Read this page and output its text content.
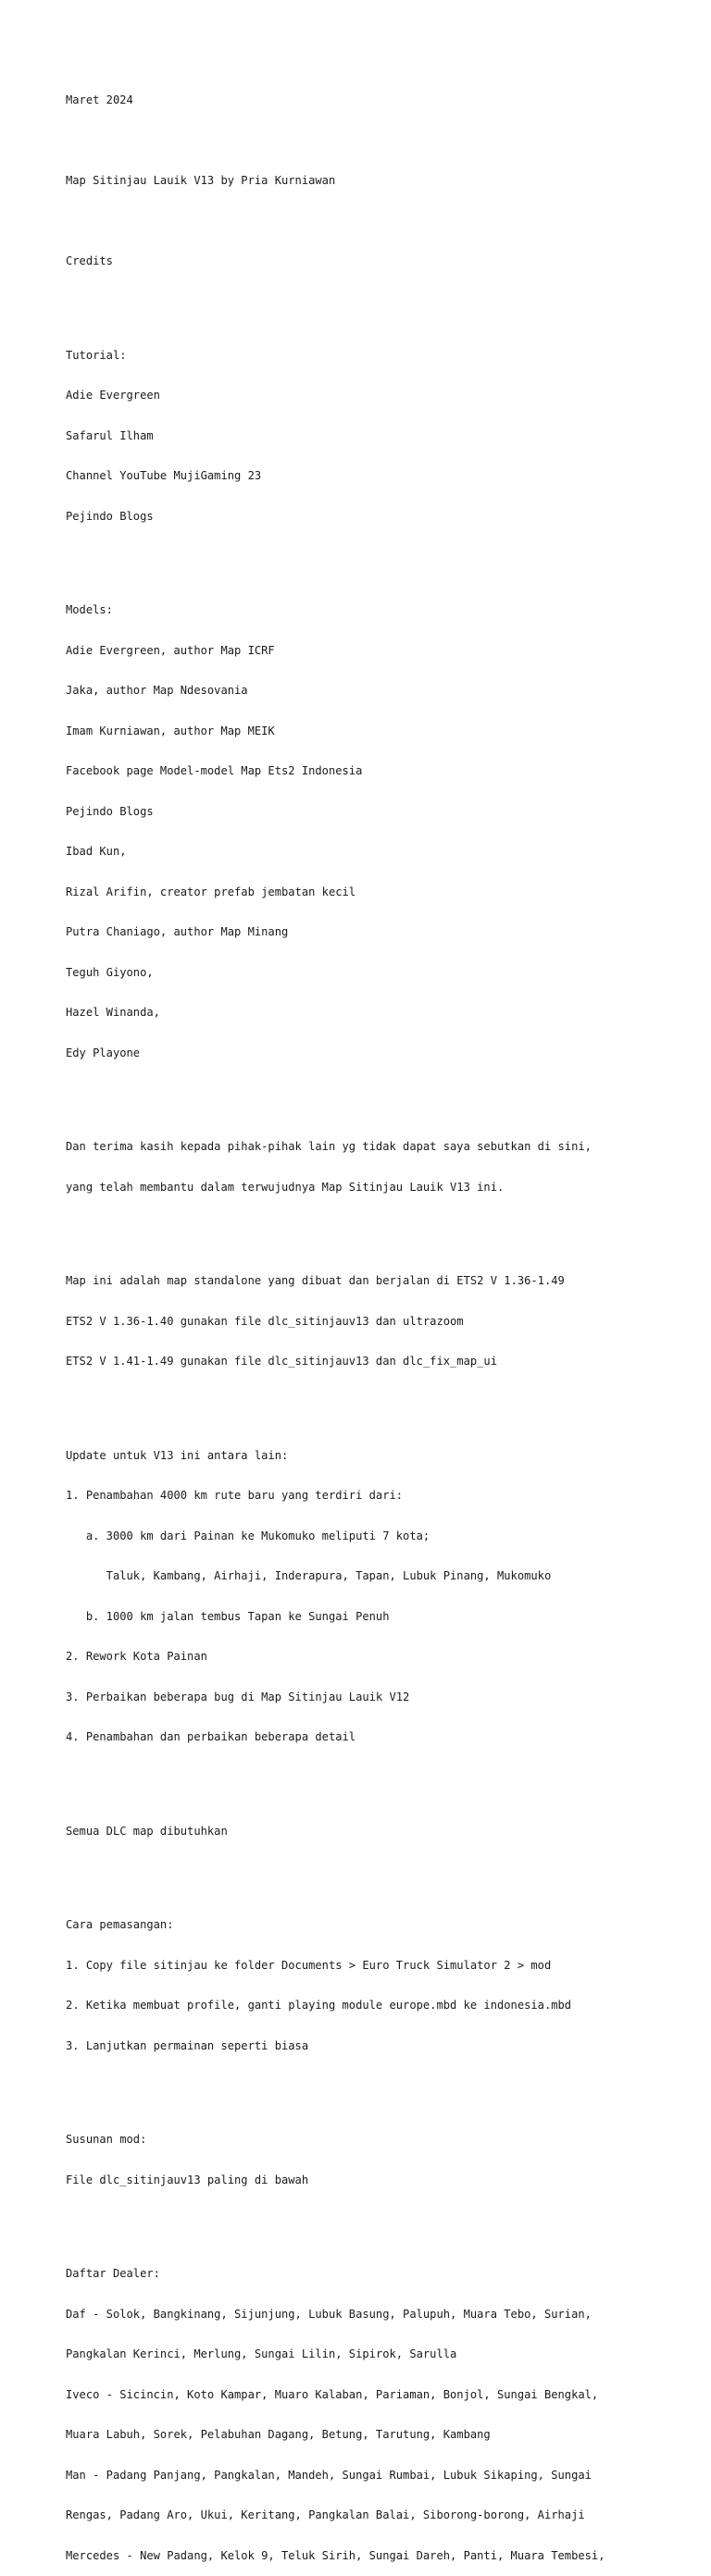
Maret 2024

Map Sitinjau Lauik V13 by Pria Kurniawan

Credits

Tutorial:

Adie Evergreen

Safarul Ilham

Channel YouTube MujiGaming 23

Pejindo Blogs

Models:

Adie Evergreen, author Map ICRF

Jaka, author Map Ndesovania

Imam Kurniawan, author Map MEIK

Facebook page Model-model Map Ets2 Indonesia

Pejindo Blogs

Ibad Kun,

Rizal Arifin, creator prefab jembatan kecil

Putra Chaniago, author Map Minang

Teguh Giyono,

Hazel Winanda,

Edy Playone

Dan terima kasih kepada pihak-pihak lain yg tidak dapat saya sebutkan di sini,

yang telah membantu dalam terwujudnya Map Sitinjau Lauik V13 ini.

Map ini adalah map standalone yang dibuat dan berjalan di ETS2 V 1.36-1.49

ETS2 V 1.36-1.40 gunakan file dlc_sitinjauv13 dan ultrazoom

ETS2 V 1.41-1.49 gunakan file dlc_sitinjauv13 dan dlc_fix_map_ui

Update untuk V13 ini antara lain:

1. Penambahan 4000 km rute baru yang terdiri dari:

a. 3000 km dari Painan ke Mukomuko meliputi 7 kota;

Taluk, Kambang, Airhaji, Inderapura, Tapan, Lubuk Pinang, Mukomuko

b. 1000 km jalan tembus Tapan ke Sungai Penuh

2. Rework Kota Painan

3. Perbaikan beberapa bug di Map Sitinjau Lauik V12

4. Penambahan dan perbaikan beberapa detail

Semua DLC map dibutuhkan

Cara pemasangan:

1. Copy file sitinjau ke folder Documents > Euro Truck Simulator 2 > mod

2. Ketika membuat profile, ganti playing module europe.mbd ke indonesia.mbd

3. Lanjutkan permainan seperti biasa

Susunan mod:

File dlc_sitinjauv13 paling di bawah

Daftar Dealer:

Daf - Solok, Bangkinang, Sijunjung, Lubuk Basung, Palupuh, Muara Tebo, Surian,

Pangkalan Kerinci, Merlung, Sungai Lilin, Sipirok, Sarulla

Iveco - Sicincin, Koto Kampar, Muaro Kalaban, Pariaman, Bonjol, Sungai Bengkal,

Muara Labuh, Sorek, Pelabuhan Dagang, Betung, Tarutung, Kambang

Man - Padang Panjang, Pangkalan, Mandeh, Sungai Rumbai, Lubuk Sikaping, Sungai

Rengas, Padang Aro, Ukui, Keritang, Pangkalan Balai, Siborong-borong, Airhaji

Mercedes - New Padang, Kelok 9, Teluk Sirih, Sungai Dareh, Panti, Muara Tembesi,
